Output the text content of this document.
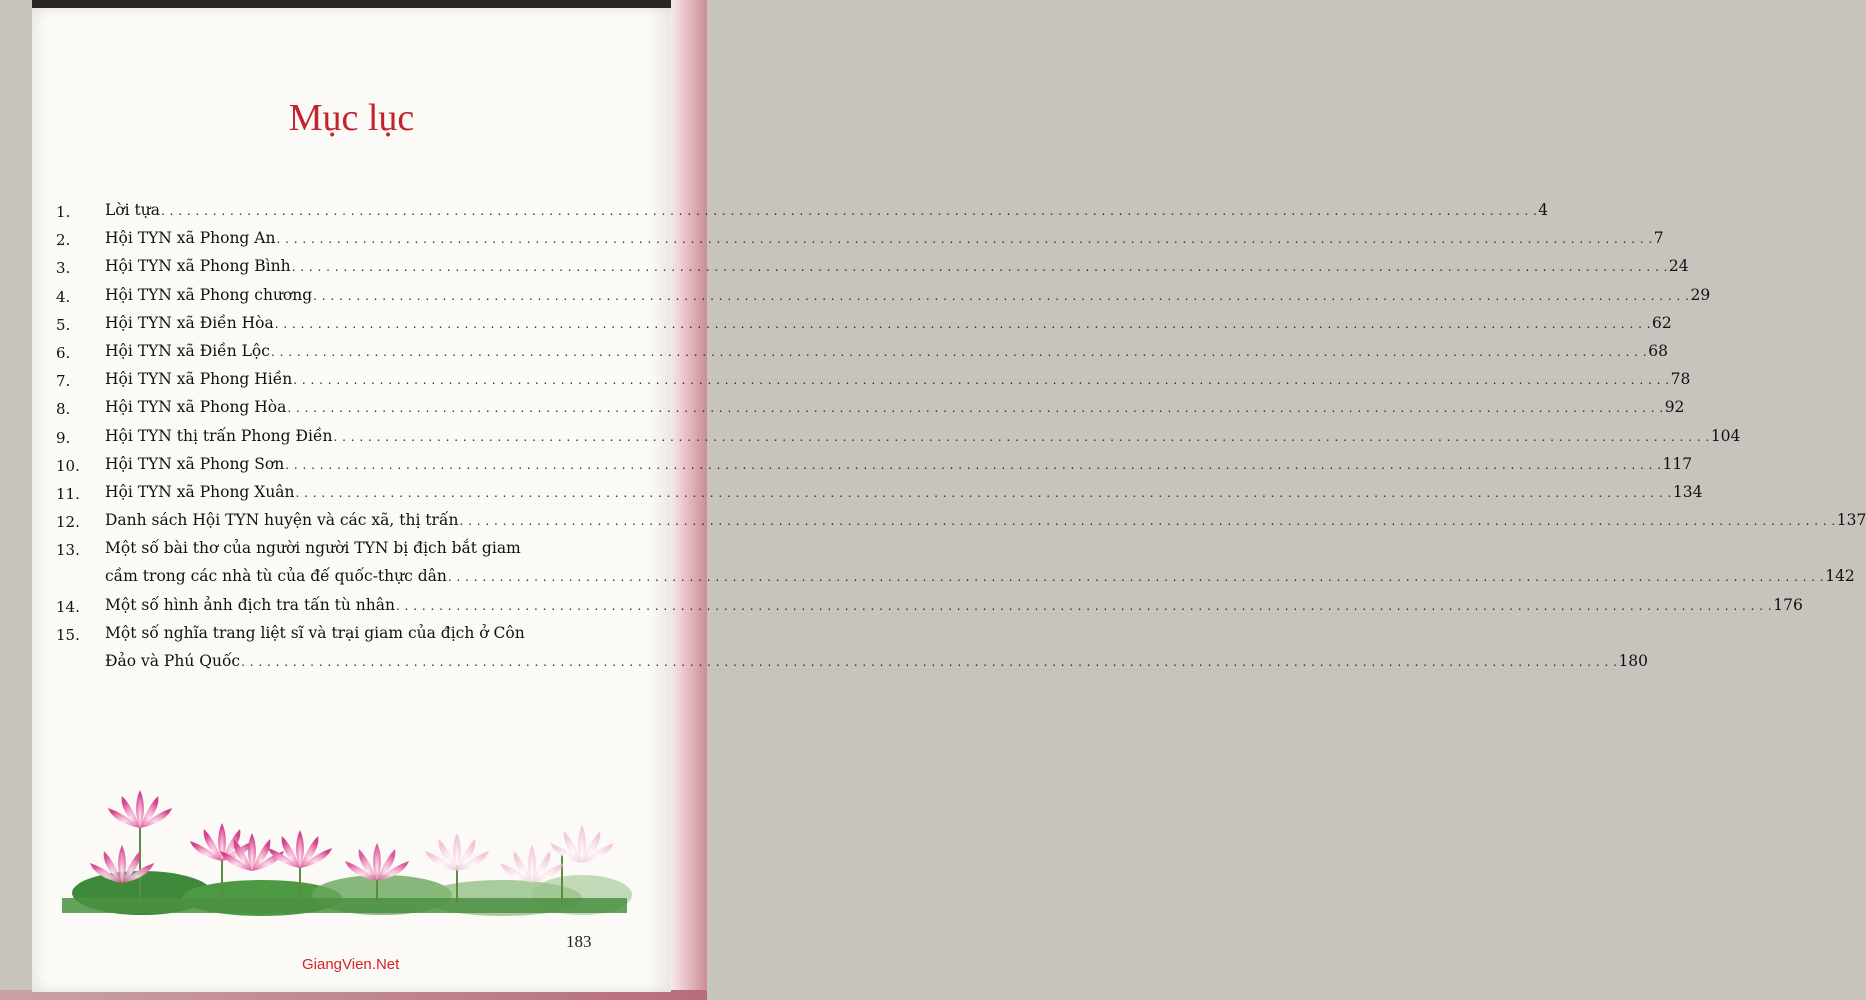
Mục lục
1. Lời tựa . . . . . . . . . . . . . . . . . . . . . . . . . . . . . . . . . . . . . . . . . . . . . . . . . . . . . . . . . . . . . . . . . . . . . . . . . . . . . . . . . . . . . . . . . . . . . . . . . . . . . . . . . . . . . . . . . . . . . . . . . . . . . . . . . . . . . . . . . . . . . . . . . . . . . . . . . . . . . . . . 4
2. Hội TYN xã Phong An . . . . . . . . . . . . . . . . . . . . . . . . . . . . . . . . . . . . . . . . . . . . . . . . . . . . . . . . . . . . . . . . . . . . . . . . . . . . . . . . . . . . . . . . . . . . . . . . . . . . . . . . . . . . . . . . . . . . . . . . . . . . . . . . . . . . . . . . . . . . . . . . . . . . . . . . . . . . . . . . 7
3. Hội TYN xã Phong Bình . . . . . . . . . . . . . . . . . . . . . . . . . . . . . . . . . . . . . . . . . . . . . . . . . . . . . . . . . . . . . . . . . . . . . . . . . . . . . . . . . . . . . . . . . . . . . . . . . . . . . . . . . . . . . . . . . . . . . . . . . . . . . . . . . . . . . . . . . . . . . . . . . . . . . . . . . . . . . . . . 24
4. Hội TYN xã Phong chương . . . . . . . . . . . . . . . . . . . . . . . . . . . . . . . . . . . . . . . . . . . . . . . . . . . . . . . . . . . . . . . . . . . . . . . . . . . . . . . . . . . . . . . . . . . . . . . . . . . . . . . . . . . . . . . . . . . . . . . . . . . . . . . . . . . . . . . . . . . . . . . . . . . . . . . . . . . . . . . . 29
5. Hội TYN xã Điền Hòa . . . . . . . . . . . . . . . . . . . . . . . . . . . . . . . . . . . . . . . . . . . . . . . . . . . . . . . . . . . . . . . . . . . . . . . . . . . . . . . . . . . . . . . . . . . . . . . . . . . . . . . . . . . . . . . . . . . . . . . . . . . . . . . . . . . . . . . . . . . . . . . . . . . . . . . . . . . . . . . . 62
6. Hội TYN xã Điền Lộc . . . . . . . . . . . . . . . . . . . . . . . . . . . . . . . . . . . . . . . . . . . . . . . . . . . . . . . . . . . . . . . . . . . . . . . . . . . . . . . . . . . . . . . . . . . . . . . . . . . . . . . . . . . . . . . . . . . . . . . . . . . . . . . . . . . . . . . . . . . . . . . . . . . . . . . . . . . . . . . . 68
7. Hội TYN xã Phong Hiền . . . . . . . . . . . . . . . . . . . . . . . . . . . . . . . . . . . . . . . . . . . . . . . . . . . . . . . . . . . . . . . . . . . . . . . . . . . . . . . . . . . . . . . . . . . . . . . . . . . . . . . . . . . . . . . . . . . . . . . . . . . . . . . . . . . . . . . . . . . . . . . . . . . . . . . . . . . . . . . . 78
8. Hội TYN xã Phong Hòa . . . . . . . . . . . . . . . . . . . . . . . . . . . . . . . . . . . . . . . . . . . . . . . . . . . . . . . . . . . . . . . . . . . . . . . . . . . . . . . . . . . . . . . . . . . . . . . . . . . . . . . . . . . . . . . . . . . . . . . . . . . . . . . . . . . . . . . . . . . . . . . . . . . . . . . . . . . . . . . . 92
9. Hội TYN thị trấn Phong Điền . . . . . . . . . . . . . . . . . . . . . . . . . . . . . . . . . . . . . . . . . . . . . . . . . . . . . . . . . . . . . . . . . . . . . . . . . . . . . . . . . . . . . . . . . . . . . . . . . . . . . . . . . . . . . . . . . . . . . . . . . . . . . . . . . . . . . . . . . . . . . . . . . . . . . . . . . . . . . . . . 104
10. Hội TYN xã Phong Sơn . . . . . . . . . . . . . . . . . . . . . . . . . . . . . . . . . . . . . . . . . . . . . . . . . . . . . . . . . . . . . . . . . . . . . . . . . . . . . . . . . . . . . . . . . . . . . . . . . . . . . . . . . . . . . . . . . . . . . . . . . . . . . . . . . . . . . . . . . . . . . . . . . . . . . . . . . . . . . . . . 117
11. Hội TYN xã Phong Xuân . . . . . . . . . . . . . . . . . . . . . . . . . . . . . . . . . . . . . . . . . . . . . . . . . . . . . . . . . . . . . . . . . . . . . . . . . . . . . . . . . . . . . . . . . . . . . . . . . . . . . . . . . . . . . . . . . . . . . . . . . . . . . . . . . . . . . . . . . . . . . . . . . . . . . . . . . . . . . . . . 134
12. Danh sách Hội TYN huyện và các xã, thị trấn . . . . . . . . . . . . . . . . . . . . . . . . . . . . . . . . . . . . . . . . . . . . . . . . . . . . . . . . . . . . . . . . . . . . . . . . . . . . . . . . . . . . . . . . . . . . . . . . . . . . . . . . . . . . . . . . . . . . . . . . . . . . . . . . . . . . . . . . . . . . . . . . . . . . . . . . . . . . . . . . 137
13. Một số bài thơ của người người TYN bị địch bắt giam
cầm trong các nhà tù của đế quốc-thực dân . . . . . . . . . . . . . . . . . . . . . . . . . . . . . . . . . . . . . . . . . . . . . . . . . . . . . . . . . . . . . . . . . . . . . . . . . . . . . . . . . . . . . . . . . . . . . . . . . . . . . . . . . . . . . . . . . . . . . . . . . . . . . . . . . . . . . . . . . . . . . . . . . . . . . . . . . . . . . . . . 142
14. Một số hình ảnh địch tra tấn tù nhân . . . . . . . . . . . . . . . . . . . . . . . . . . . . . . . . . . . . . . . . . . . . . . . . . . . . . . . . . . . . . . . . . . . . . . . . . . . . . . . . . . . . . . . . . . . . . . . . . . . . . . . . . . . . . . . . . . . . . . . . . . . . . . . . . . . . . . . . . . . . . . . . . . . . . . . . . . . . . . . . 176
15. Một số nghĩa trang liệt sĩ và trại giam của địch ở Côn
Đảo và Phú Quốc . . . . . . . . . . . . . . . . . . . . . . . . . . . . . . . . . . . . . . . . . . . . . . . . . . . . . . . . . . . . . . . . . . . . . . . . . . . . . . . . . . . . . . . . . . . . . . . . . . . . . . . . . . . . . . . . . . . . . . . . . . . . . . . . . . . . . . . . . . . . . . . . . . . . . . . . . . . . . . . . 180
183
GiangVien.Net
